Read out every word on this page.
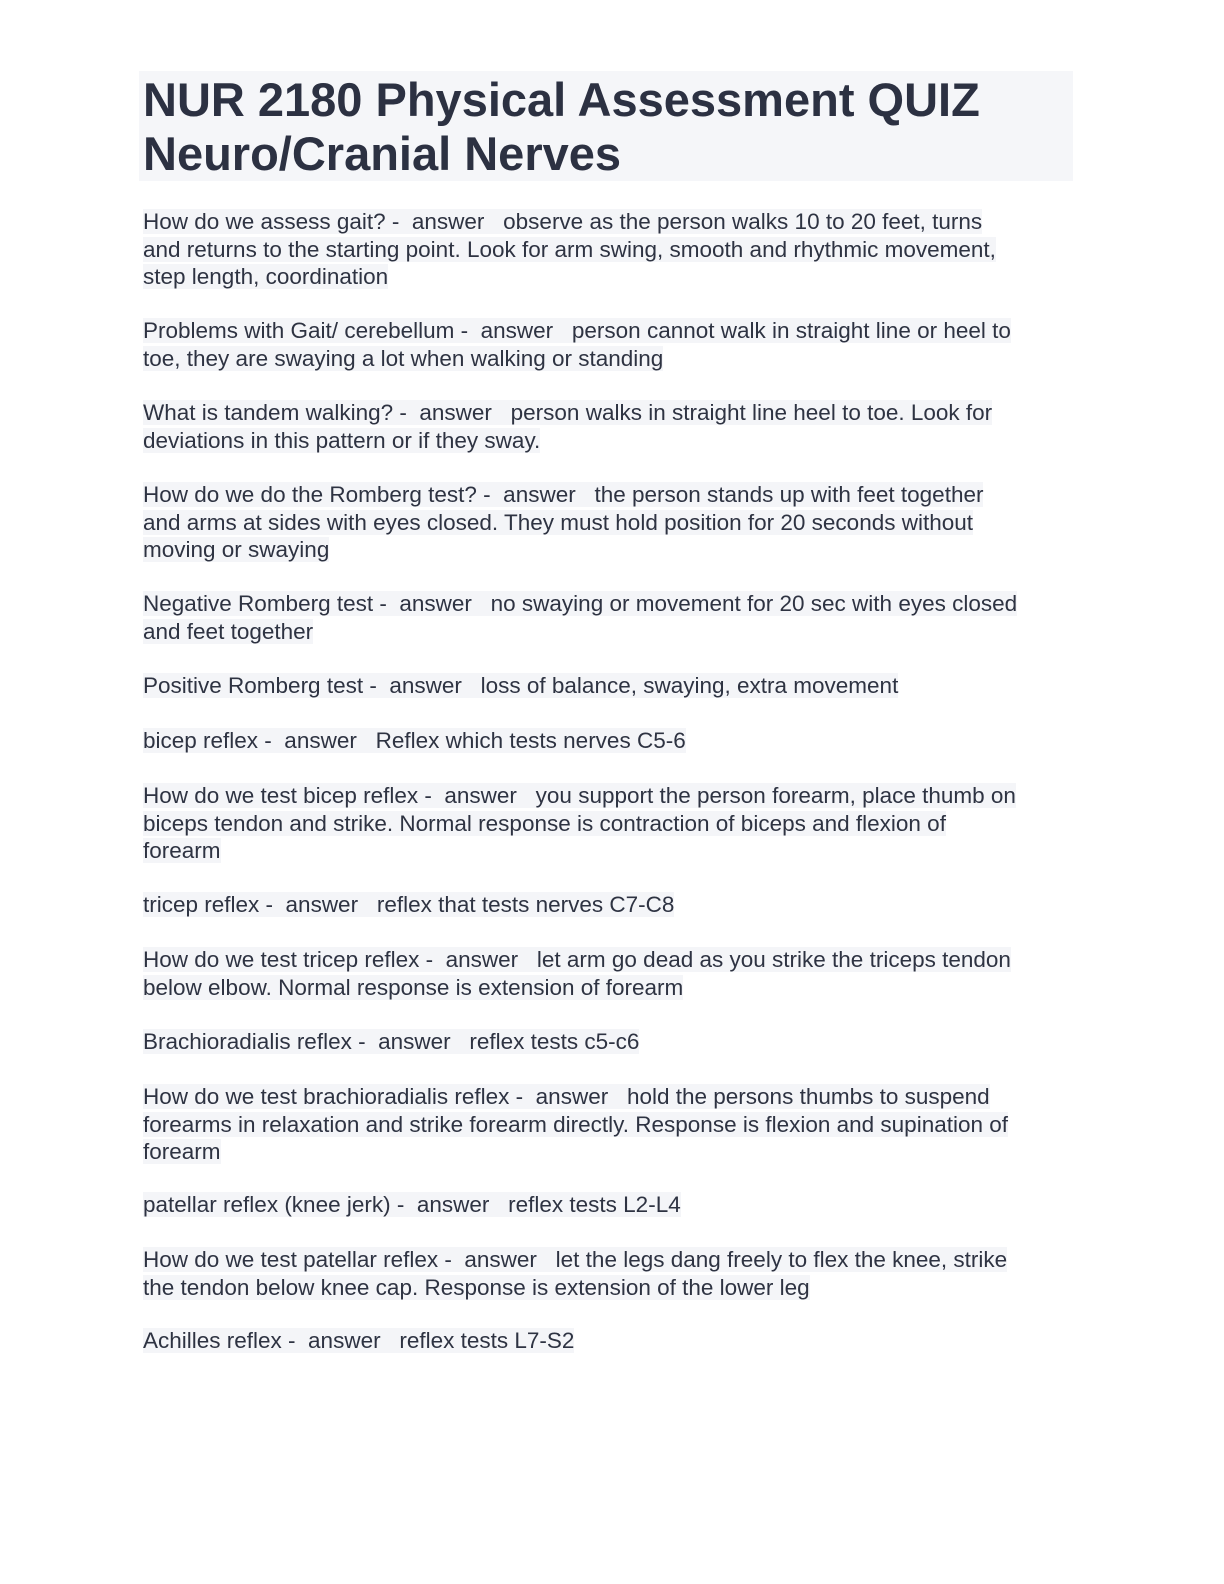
NUR 2180 Physical Assessment QUIZ
Neuro/Cranial Nerves
How do we assess gait? -  answer   observe as the person walks 10 to 20 feet, turns
and returns to the starting point. Look for arm swing, smooth and rhythmic movement,
step length, coordination
Problems with Gait/ cerebellum -  answer   person cannot walk in straight line or heel to
toe, they are swaying a lot when walking or standing
What is tandem walking? -  answer   person walks in straight line heel to toe. Look for
deviations in this pattern or if they sway.
How do we do the Romberg test? -  answer   the person stands up with feet together
and arms at sides with eyes closed. They must hold position for 20 seconds without
moving or swaying
Negative Romberg test -  answer   no swaying or movement for 20 sec with eyes closed
and feet together
Positive Romberg test -  answer   loss of balance, swaying, extra movement
bicep reflex -  answer   Reflex which tests nerves C5-6
How do we test bicep reflex -  answer   you support the person forearm, place thumb on
biceps tendon and strike. Normal response is contraction of biceps and flexion of
forearm
tricep reflex -  answer   reflex that tests nerves C7-C8
How do we test tricep reflex -  answer   let arm go dead as you strike the triceps tendon
below elbow. Normal response is extension of forearm
Brachioradialis reflex -  answer   reflex tests c5-c6
How do we test brachioradialis reflex -  answer   hold the persons thumbs to suspend
forearms in relaxation and strike forearm directly. Response is flexion and supination of
forearm
patellar reflex (knee jerk) -  answer   reflex tests L2-L4
How do we test patellar reflex -  answer   let the legs dang freely to flex the knee, strike
the tendon below knee cap. Response is extension of the lower leg
Achilles reflex -  answer   reflex tests L7-S2
